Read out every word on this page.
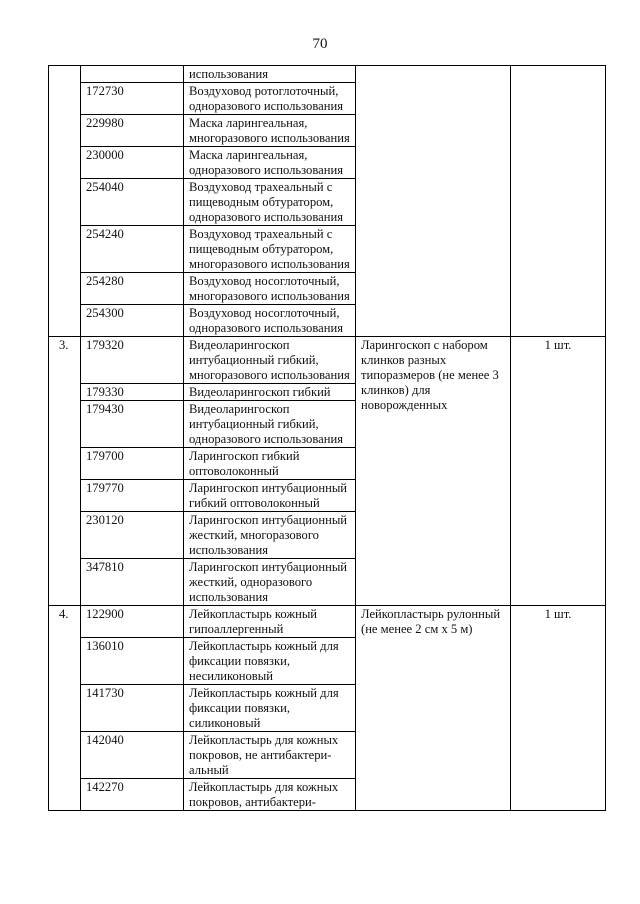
70
		использования		
	172730	Воздуховод ротоглоточный, одноразового использования		
	229980	Маска ларингеальная, многоразового использования		
	230000	Маска ларингеальная, одноразового использования		
	254040	Воздуховод трахеальный с пищеводным обтуратором, одноразового использования		
	254240	Воздуховод трахеальный с пищеводным обтуратором, многоразового использования		
	254280	Воздуховод носоглоточный, многоразового использования		
	254300	Воздуховод носоглоточный, одноразового использования		
3.	179320	Видеоларингоскоп интубационный гибкий, многоразового использования	Ларингоскоп с набором клинков разных типоразмеров (не менее 3 клинков) для новорожденных	1 шт.
	179330	Видеоларингоскоп гибкий		
	179430	Видеоларингоскоп интубационный гибкий, одноразового использования		
	179700	Ларингоскоп гибкий оптоволоконный		
	179770	Ларингоскоп интубационный гибкий оптоволоконный		
	230120	Ларингоскоп интубационный жесткий, многоразового использования		
	347810	Ларингоскоп интубационный жесткий, одноразового использования		
4.	122900	Лейкопластырь кожный гипоаллергенный	Лейкопластырь рулонный (не менее 2 см x 5 м)	1 шт.
	136010	Лейкопластырь кожный для фиксации повязки, несиликоновый		
	141730	Лейкопластырь кожный для фиксации повязки, силиконовый		
	142040	Лейкопластырь для кожных покровов, не антибактери-альный		
	142270	Лейкопластырь для кожных покровов, антибактери-		
